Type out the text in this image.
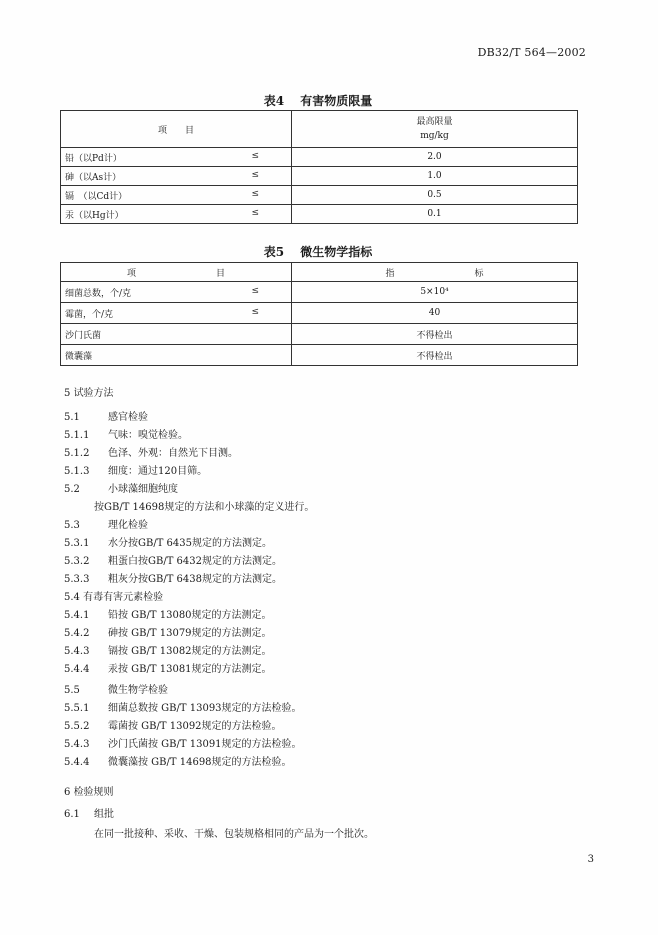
DB32/T 564—2002
表4 有害物质限量
项　　目	最高限量
mg/kg

铅（以Pd计） ≤	2.0
砷（以As计） ≤	1.0
镉　（以Cd计） ≤	0.5
汞（以Hg计） ≤	0.1
表5 微生物学指标
项 目	指 标
细菌总数，个/克 ≤	5×10⁴
霉菌，个/克 ≤	40
沙门氏菌	不得检出
微囊藻	不得检出
5 试验方法
5.1	感官检验
5.1.1 气味：嗅觉检验。
5.1.2 色泽、外观：自然光下目测。
5.1.3 细度：通过120目筛。
5.2	小球藻细胞纯度
按GB/T 14698规定的方法和小球藻的定义进行。
5.3	理化检验
5.3.1 水分按GB/T 6435规定的方法测定。
5.3.2 粗蛋白按GB/T 6432规定的方法测定。
5.3.3 粗灰分按GB/T 6438规定的方法测定。
5.4 有毒有害元素检验
5.4.1 铅按 GB/T 13080规定的方法测定。
5.4.2 砷按 GB/T 13079规定的方法测定。
5.4.3 镉按 GB/T 13082规定的方法测定。
5.4.4 汞按 GB/T 13081规定的方法测定。
5.5	微生物学检验
5.5.1 细菌总数按 GB/T 13093规定的方法检验。
5.5.2 霉菌按 GB/T 13092规定的方法检验。
5.4.3 沙门氏菌按 GB/T 13091规定的方法检验。
5.4.4 微囊藻按 GB/T 14698规定的方法检验。
6 检验规则
6.1 组批
在同一批接种、采收、干燥、包装规格相同的产品为一个批次。
3
